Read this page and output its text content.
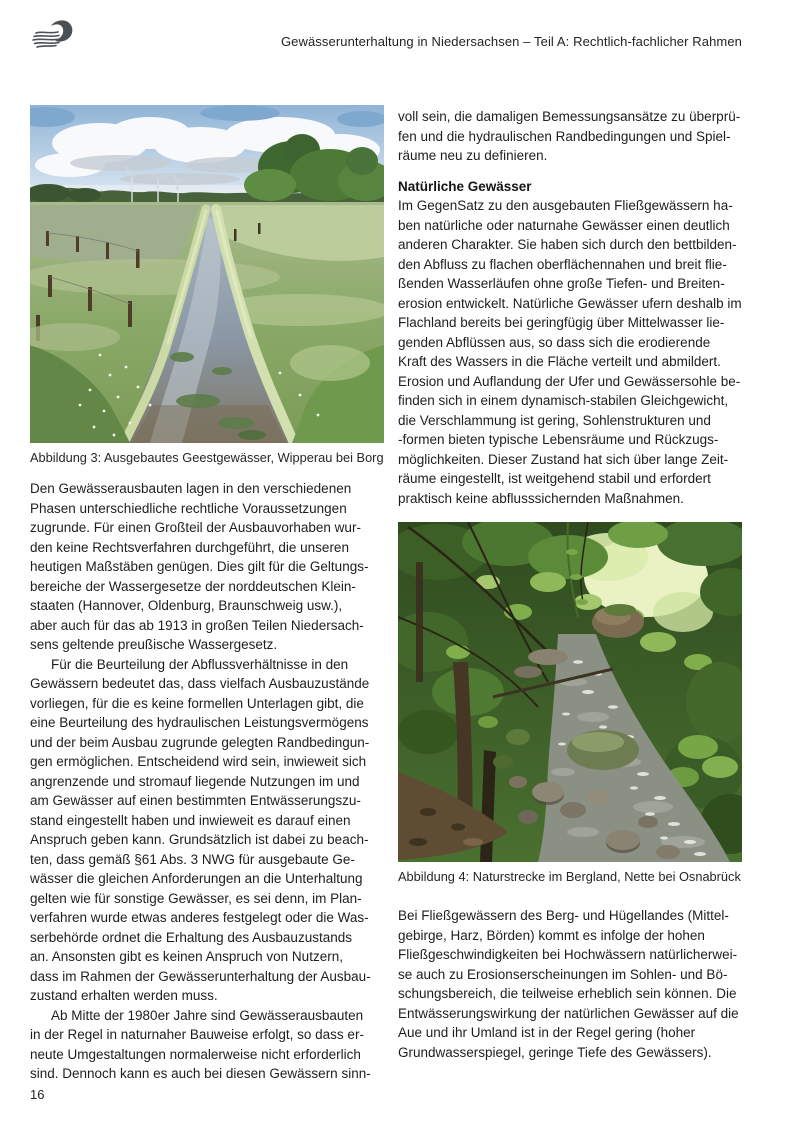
Gewässerunterhaltung in Niedersachsen – Teil A: Rechtlich-fachlicher Rahmen
Abbildung 3: Ausgebautes Geestgewässer, Wipperau bei Borg

Den Gewässerausbauten lagen in den verschiedenen
Phasen unterschiedliche rechtliche Voraussetzungen
zugrunde. Für einen Großteil der Ausbauvorhaben wur-
den keine Rechtsverfahren durchgeführt, die unseren
heutigen Maßstäben genügen. Dies gilt für die Geltungs-
bereiche der Wassergesetze der norddeutschen Klein-
staaten (Hannover, Oldenburg, Braunschweig usw.),
aber auch für das ab 1913 in großen Teilen Niedersach-
sens geltende preußische Wassergesetz.

Für die Beurteilung der Abflussverhältnisse in den
Gewässern bedeutet das, dass vielfach Ausbauzustände
vorliegen, für die es keine formellen Unterlagen gibt, die
eine Beurteilung des hydraulischen Leistungsvermögens
und der beim Ausbau zugrunde gelegten Randbedingun-
gen ermöglichen. Entscheidend wird sein, inwieweit sich
angrenzende und stromauf liegende Nutzungen im und
am Gewässer auf einen bestimmten Entwässerungszu-
stand eingestellt haben und inwieweit es darauf einen
Anspruch geben kann. Grundsätzlich ist dabei zu beach-
ten, dass gemäß §61 Abs. 3 NWG für ausgebaute Ge-
wässer die gleichen Anforderungen an die Unterhaltung
gelten wie für sonstige Gewässer, es sei denn, im Plan-
verfahren wurde etwas anderes festgelegt oder die Was-
serbehörde ordnet die Erhaltung des Ausbauzustands
an. Ansonsten gibt es keinen Anspruch von Nutzern,
dass im Rahmen der Gewässerunterhaltung der Ausbau-
zustand erhalten werden muss.

Ab Mitte der 1980er Jahre sind Gewässerausbauten
in der Regel in naturnaher Bauweise erfolgt, so dass er-
neute Umgestaltungen normalerweise nicht erforderlich
sind. Dennoch kann es auch bei diesen Gewässern sinn-

voll sein, die damaligen Bemessungsansätze zu überprü-
fen und die hydraulischen Randbedingungen und Spiel-
räume neu zu definieren.

Natürliche Gewässer

Im GegenSatz zu den ausgebauten Fließgewässern ha-
ben natürliche oder naturnahe Gewässer einen deutlich
anderen Charakter. Sie haben sich durch den bettbilden-
den Abfluss zu flachen oberflächennahen und breit flie-
ßenden Wasserläufen ohne große Tiefen- und Breiten-
erosion entwickelt. Natürliche Gewässer ufern deshalb im
Flachland bereits bei geringfügig über Mittelwasser lie-
genden Abflüssen aus, so dass sich die erodierende
Kraft des Wassers in die Fläche verteilt und abmildert.
Erosion und Auflandung der Ufer und Gewässersohle be-
finden sich in einem dynamisch-stabilen Gleichgewicht,
die Verschlammung ist gering, Sohlenstrukturen und
-formen bieten typische Lebensräume und Rückzugs-
möglichkeiten. Dieser Zustand hat sich über lange Zeit-
räume eingestellt, ist weitgehend stabil und erfordert
praktisch keine abflusssichernden Maßnahmen.

Abbildung 4: Naturstrecke im Bergland, Nette bei Osnabrück

Bei Fließgewässern des Berg- und Hügellandes (Mittel-
gebirge, Harz, Börden) kommt es infolge der hohen
Fließgeschwindigkeiten bei Hochwässern natürlicherwei-
se auch zu Erosionserscheinungen im Sohlen- und Bö-
schungsbereich, die teilweise erheblich sein können. Die
Entwässerungswirkung der natürlichen Gewässer auf die
Aue und ihr Umland ist in der Regel gering (hoher
Grundwasserspiegel, geringe Tiefe des Gewässers).

16
